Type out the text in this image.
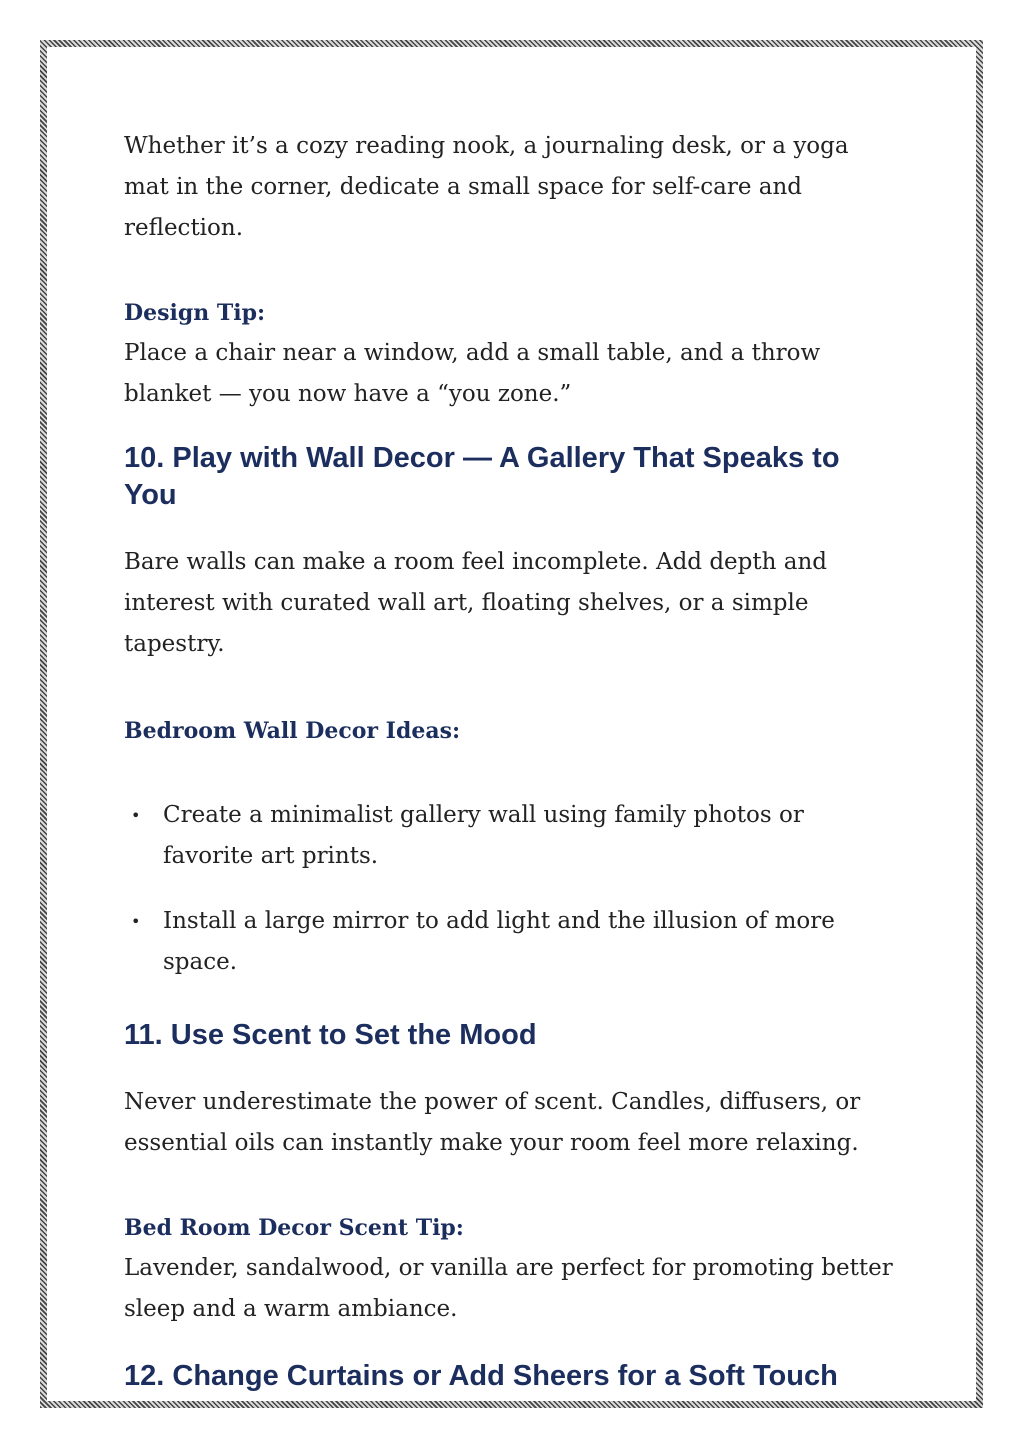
Whether it’s a cozy reading nook, a journaling desk, or a yoga mat in the corner, dedicate a small space for self-care and reflection.

Design Tip:

Place a chair near a window, add a small table, and a throw blanket — you now have a “you zone.”

10. Play with Wall Decor — A Gallery That Speaks to You

Bare walls can make a room feel incomplete. Add depth and interest with curated wall art, floating shelves, or a simple tapestry.

Bedroom Wall Decor Ideas:

• Create a minimalist gallery wall using family photos or favorite art prints.
• Install a large mirror to add light and the illusion of more space.
11. Use Scent to Set the Mood

Never underestimate the power of scent. Candles, diffusers, or essential oils can instantly make your room feel more relaxing.

Bed Room Decor Scent Tip:

Lavender, sandalwood, or vanilla are perfect for promoting better sleep and a warm ambiance.

12. Change Curtains or Add Sheers for a Soft Touch
